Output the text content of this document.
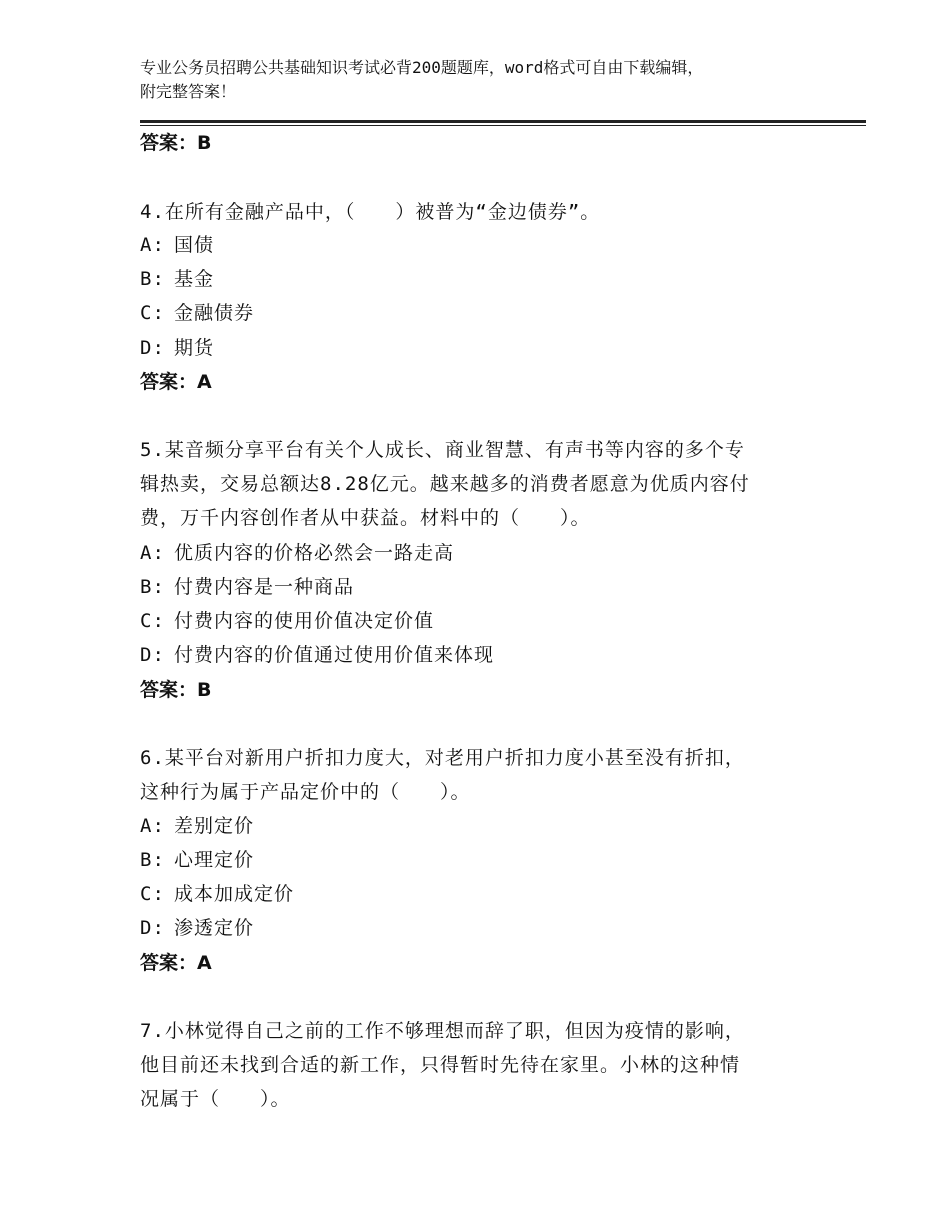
专业公务员招聘公共基础知识考试必背200题题库，word格式可自由下载编辑，
附完整答案！
答案：B
4.在所有金融产品中，（　　）被普为“金边债券”。
A: 国债
B: 基金
C: 金融债券
D: 期货
答案：A
5.某音频分享平台有关个人成长、商业智慧、有声书等内容的多个专
辑热卖，交易总额达8.28亿元。越来越多的消费者愿意为优质内容付
费，万千内容创作者从中获益。材料中的（　　）。
A: 优质内容的价格必然会一路走高
B: 付费内容是一种商品
C: 付费内容的使用价值决定价值
D: 付费内容的价值通过使用价值来体现
答案：B
6.某平台对新用户折扣力度大，对老用户折扣力度小甚至没有折扣，
这种行为属于产品定价中的（　　）。
A: 差别定价
B: 心理定价
C: 成本加成定价
D: 渗透定价
答案：A
7.小林觉得自己之前的工作不够理想而辞了职，但因为疫情的影响，
他目前还未找到合适的新工作，只得暂时先待在家里。小林的这种情
况属于（　　）。
